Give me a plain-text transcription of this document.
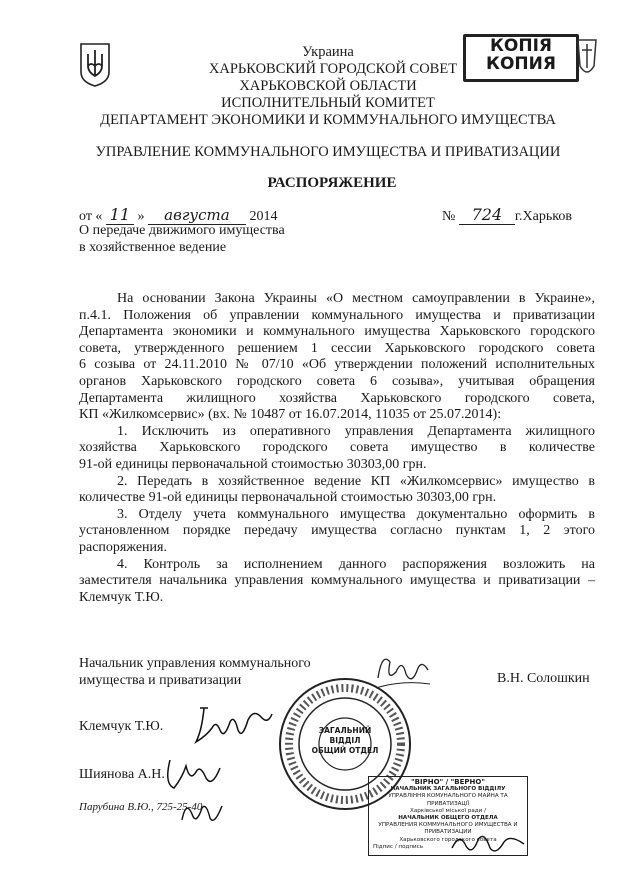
КОПІЯ
КОПИЯ
Украина
ХАРЬКОВСКИЙ ГОРОДСКОЙ СОВЕТ
ХАРЬКОВСКОЙ ОБЛАСТИ
ИСПОЛНИТЕЛЬНЫЙ КОМИТЕТ
ДЕПАРТАМЕНТ ЭКОНОМИКИ И КОММУНАЛЬНОГО ИМУЩЕСТВА
УПРАВЛЕНИЕ КОММУНАЛЬНОГО ИМУЩЕСТВА И ПРИВАТИЗАЦИИ
РАСПОРЯЖЕНИЕ
от « 11 » августа 2014	№ 724 г.Харьков
О передаче движимого имущества
в хозяйственное ведение

На основании Закона Украины «О местном самоуправлении в Украине»,

п.4.1. Положения об управлении коммунального имущества и приватизации

Департамента экономики и коммунального имущества Харьковского городского

совета, утвержденного решением 1 сессии Харьковского городского совета

6 созыва от 24.11.2010 № 07/10 «Об утверждении положений исполнительных

органов Харьковского городского совета 6 созыва», учитывая обращения

Департамента жилищного хозяйства Харьковского городского совета,

КП «Жилкомсервис» (вх. № 10487 от 16.07.2014, 11035 от 25.07.2014):

1. Исключить из оперативного управления Департамента жилищного

хозяйства Харьковского городского совета имущество в количестве

91-ой единицы первоначальной стоимостью 30303,00 грн.

2. Передать в хозяйственное ведение КП «Жилкомсервис» имущество в

количестве 91-ой единицы первоначальной стоимостью 30303,00 грн.

3. Отделу учета коммунального имущества документально оформить в

установленном порядке передачу имущества согласно пунктам 1, 2 этого

распоряжения.

4. Контроль за исполнением данного распоряжения возложить на

заместителя начальника управления коммунального имущества и приватизации –

Клемчук Т.Ю.

Начальник управления коммунального
имущества и приватизации	В.Н. Солошкин
Клемчук Т.Ю.
Шиянова А.Н.
Парубина В.Ю., 725-25-40
ЗАГАЛЬНИЙ
ВІДДІЛ
ОБЩИЙ ОТДЕЛ
"ВІРНО" / "ВЕРНО"
НАЧАЛЬНИК ЗАГАЛЬНОГО ВІДДІЛУ
УПРАВЛІННЯ КОМУНАЛЬНОГО МАЙНА ТА ПРИВАТИЗАЦІЇ
Харківської міської ради /
НАЧАЛЬНИК ОБЩЕГО ОТДЕЛА
УПРАВЛЕНИЯ КОММУНАЛЬНОГО ИМУЩЕСТВА И ПРИВАТИЗАЦИИ
Харьковского городского совета
Підпис / подпись
